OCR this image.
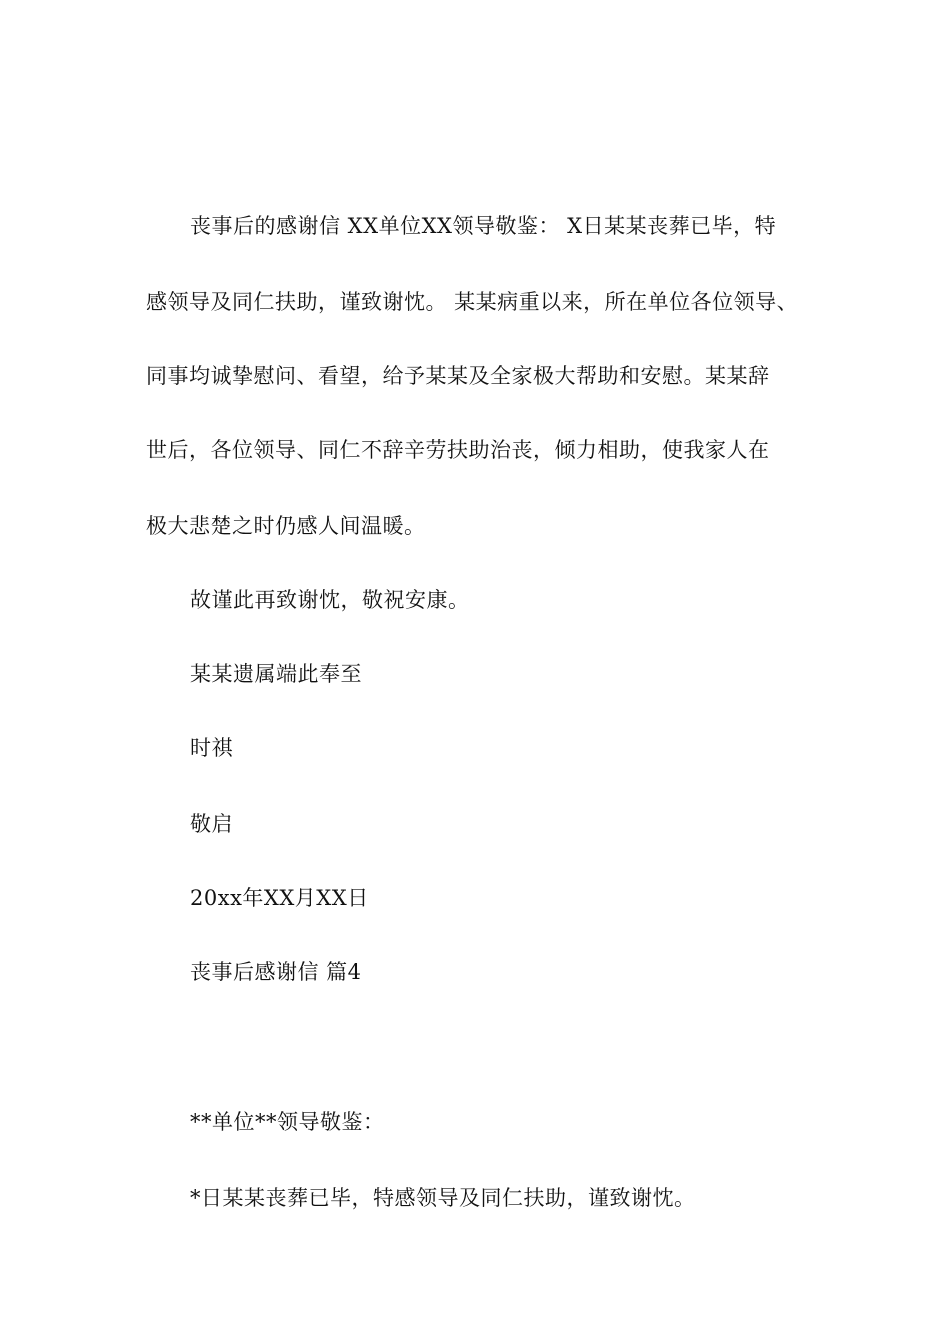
丧事后的感谢信 XX单位XX领导敬鉴： X日某某丧葬已毕，特
感领导及同仁扶助，谨致谢忱。 某某病重以来，所在单位各位领导、
同事均诚挚慰问、看望，给予某某及全家极大帮助和安慰。某某辞
世后，各位领导、同仁不辞辛劳扶助治丧，倾力相助，使我家人在
极大悲楚之时仍感人间温暖。
故谨此再致谢忱，敬祝安康。
某某遗属端此奉至
时祺
敬启
20xx年XX月XX日
丧事后感谢信 篇4
**单位**领导敬鉴：
*日某某丧葬已毕，特感领导及同仁扶助，谨致谢忱。
